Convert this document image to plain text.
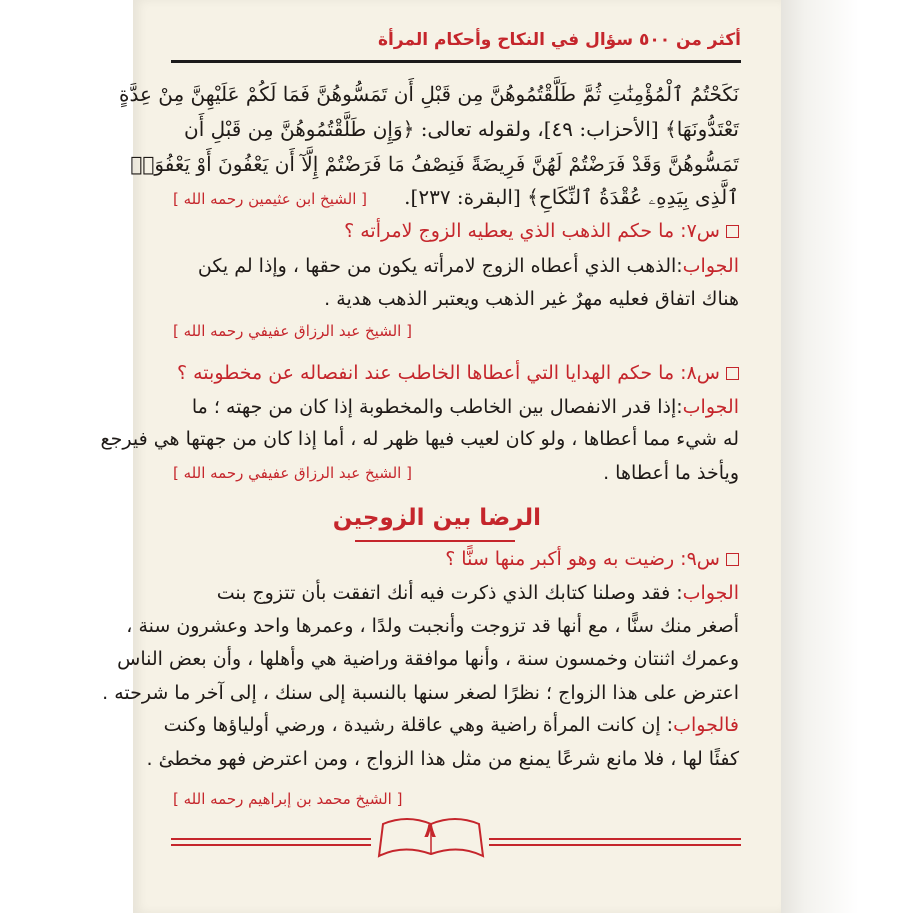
أكثر من ٥٠٠ سؤال في النكاح وأحكام المرأة
نَكَحْتُمُ ٱلْمُؤْمِنَٰتِ ثُمَّ طَلَّقْتُمُوهُنَّ مِن قَبْلِ أَن تَمَسُّوهُنَّ فَمَا لَكُمْ عَلَيْهِنَّ مِنْ عِدَّةٍ
تَعْتَدُّونَهَا﴾ [الأحزاب: ٤٩]، ولقوله تعالى: ﴿وَإِن طَلَّقْتُمُوهُنَّ مِن قَبْلِ أَن
تَمَسُّوهُنَّ وَقَدْ فَرَضْتُمْ لَهُنَّ فَرِيضَةً فَنِصْفُ مَا فَرَضْتُمْ إِلَّآ أَن يَعْفُونَ أَوْ يَعْفُوَا۟
ٱلَّذِى بِيَدِهِۦ عُقْدَةُ ٱلنِّكَاحِ﴾ [البقرة: ٢٣٧].
[ الشيخ ابن عثيمين رحمه الله ]
س٧: ما حكم الذهب الذي يعطيه الزوج لامرأته ؟
الجواب:الذهب الذي أعطاه الزوج لامرأته يكون من حقها ، وإذا لم يكن
هناك اتفاق فعليه مهرٌ غير الذهب ويعتبر الذهب هدية .
[ الشيخ عبد الرزاق عفيفي رحمه الله ]
س٨: ما حكم الهدايا التي أعطاها الخاطب عند انفصاله عن مخطوبته ؟
الجواب:إذا قدر الانفصال بين الخاطب والمخطوبة إذا كان من جهته ؛ ما
له شيء مما أعطاها ، ولو كان لعيب فيها ظهر له ، أما إذا كان من جهتها هي فيرجع
ويأخذ ما أعطاها .
[ الشيخ عبد الرزاق عفيفي رحمه الله ]
الرضا بين الزوجين
س٩: رضيت به وهو أكبر منها سنًّا ؟
الجواب: فقد وصلنا كتابك الذي ذكرت فيه أنك اتفقت بأن تتزوج بنت
أصغر منك سنًّا ، مع أنها قد تزوجت وأنجبت ولدًا ، وعمرها واحد وعشرون سنة ،
وعمرك اثنتان وخمسون سنة ، وأنها موافقة وراضية هي وأهلها ، وأن بعض الناس
اعترض على هذا الزواج ؛ نظرًا لصغر سنها بالنسبة إلى سنك ، إلى آخر ما شرحته .
فالجواب: إن كانت المرأة راضية وهي عاقلة رشيدة ، ورضي أولياؤها وكنت
كفئًا لها ، فلا مانع شرعًا يمنع من مثل هذا الزواج ، ومن اعترض فهو مخطئ .
[ الشيخ محمد بن إبراهيم رحمه الله ]
٨
